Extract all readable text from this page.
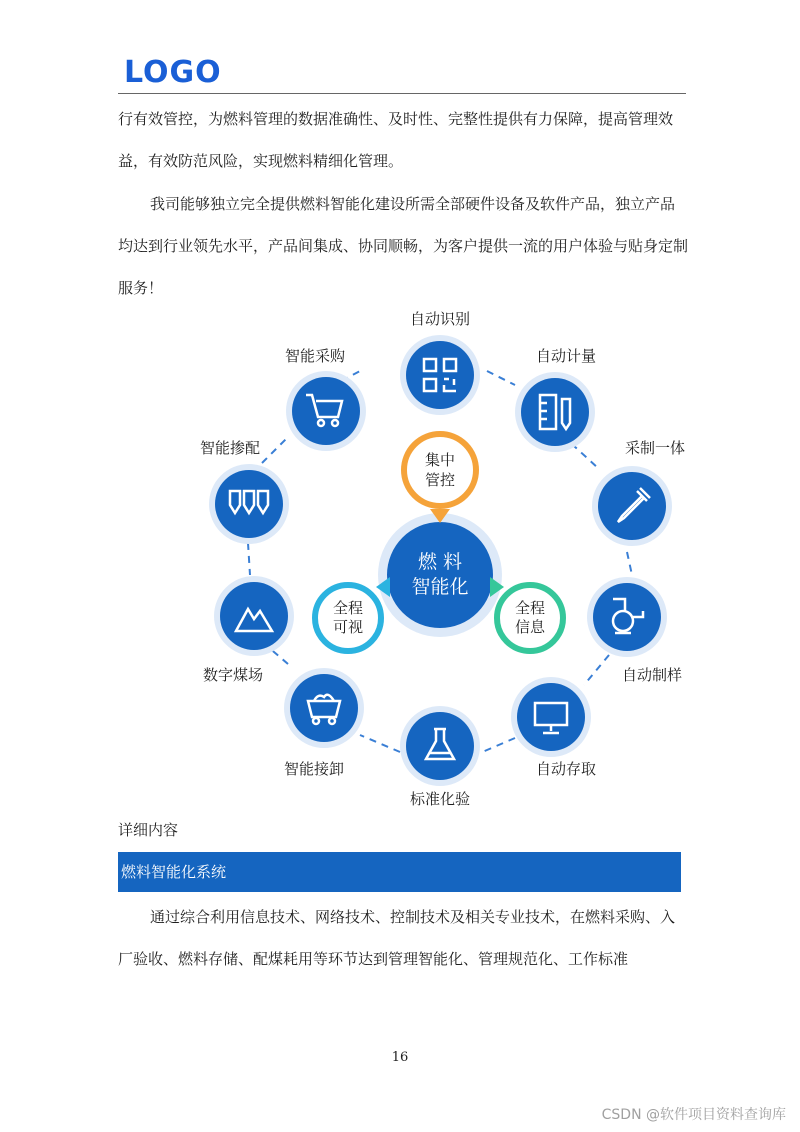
LOGO

行有效管控，为燃料管理的数据准确性、及时性、完整性提供有力保障，提高管理效益，有效防范风险，实现燃料精细化管理。

我司能够独立完全提供燃料智能化建设所需全部硬件设备及软件产品，独立产品均达到行业领先水平，产品间集成、协同顺畅，为客户提供一流的用户体验与贴身定制服务！

燃 料
智能化
集中
管控
全程
可视
全程
信息
自动识别
自动计量
采制一体
自动制样
自动存取
标准化验
智能接卸
数字煤场
智能掺配
智能采购
详细内容
燃料智能化系统

通过综合利用信息技术、网络技术、控制技术及相关专业技术，在燃料采购、入厂验收、燃料存储、配煤耗用等环节达到管理智能化、管理规范化、工作标准

16
CSDN @软件项目资料查询库
